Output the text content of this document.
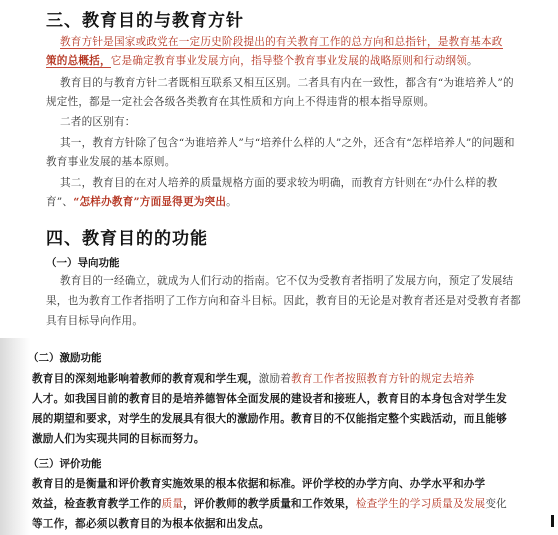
三、教育目的与教育方针
教育方针是国家或政党在一定历史阶段提出的有关教育工作的总方向和总指针，是教育基本政
策的总概括，它是确定教育事业发展方向，指导整个教育事业发展的战略原则和行动纲领。
教育目的与教育方针二者既相互联系又相互区别。二者具有内在一致性，都含有“为谁培养人”的
规定性，都是一定社会各级各类教育在其性质和方向上不得违背的根本指导原则。
二者的区别有：
其一，教育方针除了包含“为谁培养人”与“培养什么样的人”之外，还含有“怎样培养人”的问题和
教育事业发展的基本原则。
其二，教育目的在对人培养的质量规格方面的要求较为明确，而教育方针则在“办什么样的教
育”、“怎样办教育”方面显得更为突出。
四、教育目的的功能
（一）导向功能
教育目的一经确立，就成为人们行动的指南。它不仅为受教育者指明了发展方向，预定了发展结
果，也为教育工作者指明了工作方向和奋斗目标。因此，教育目的无论是对教育者还是对受教育者都
具有目标导向作用。
（二）激励功能
教育目的深刻地影响着教师的教育观和学生观，激励着教育工作者按照教育方针的规定去培养
人才。如我国目前的教育目的是培养德智体全面发展的建设者和接班人，教育目的本身包含对学生发
展的期望和要求，对学生的发展具有很大的激励作用。教育目的不仅能指定整个实践活动，而且能够
激励人们为实现共同的目标而努力。
（三）评价功能
教育目的是衡量和评价教育实施效果的根本依据和标准。评价学校的办学方向、办学水平和办学
效益，检查教育教学工作的质量，评价教师的教学质量和工作效果，检查学生的学习质量及发展变化
等工作，都必须以教育目的为根本依据和出发点。
